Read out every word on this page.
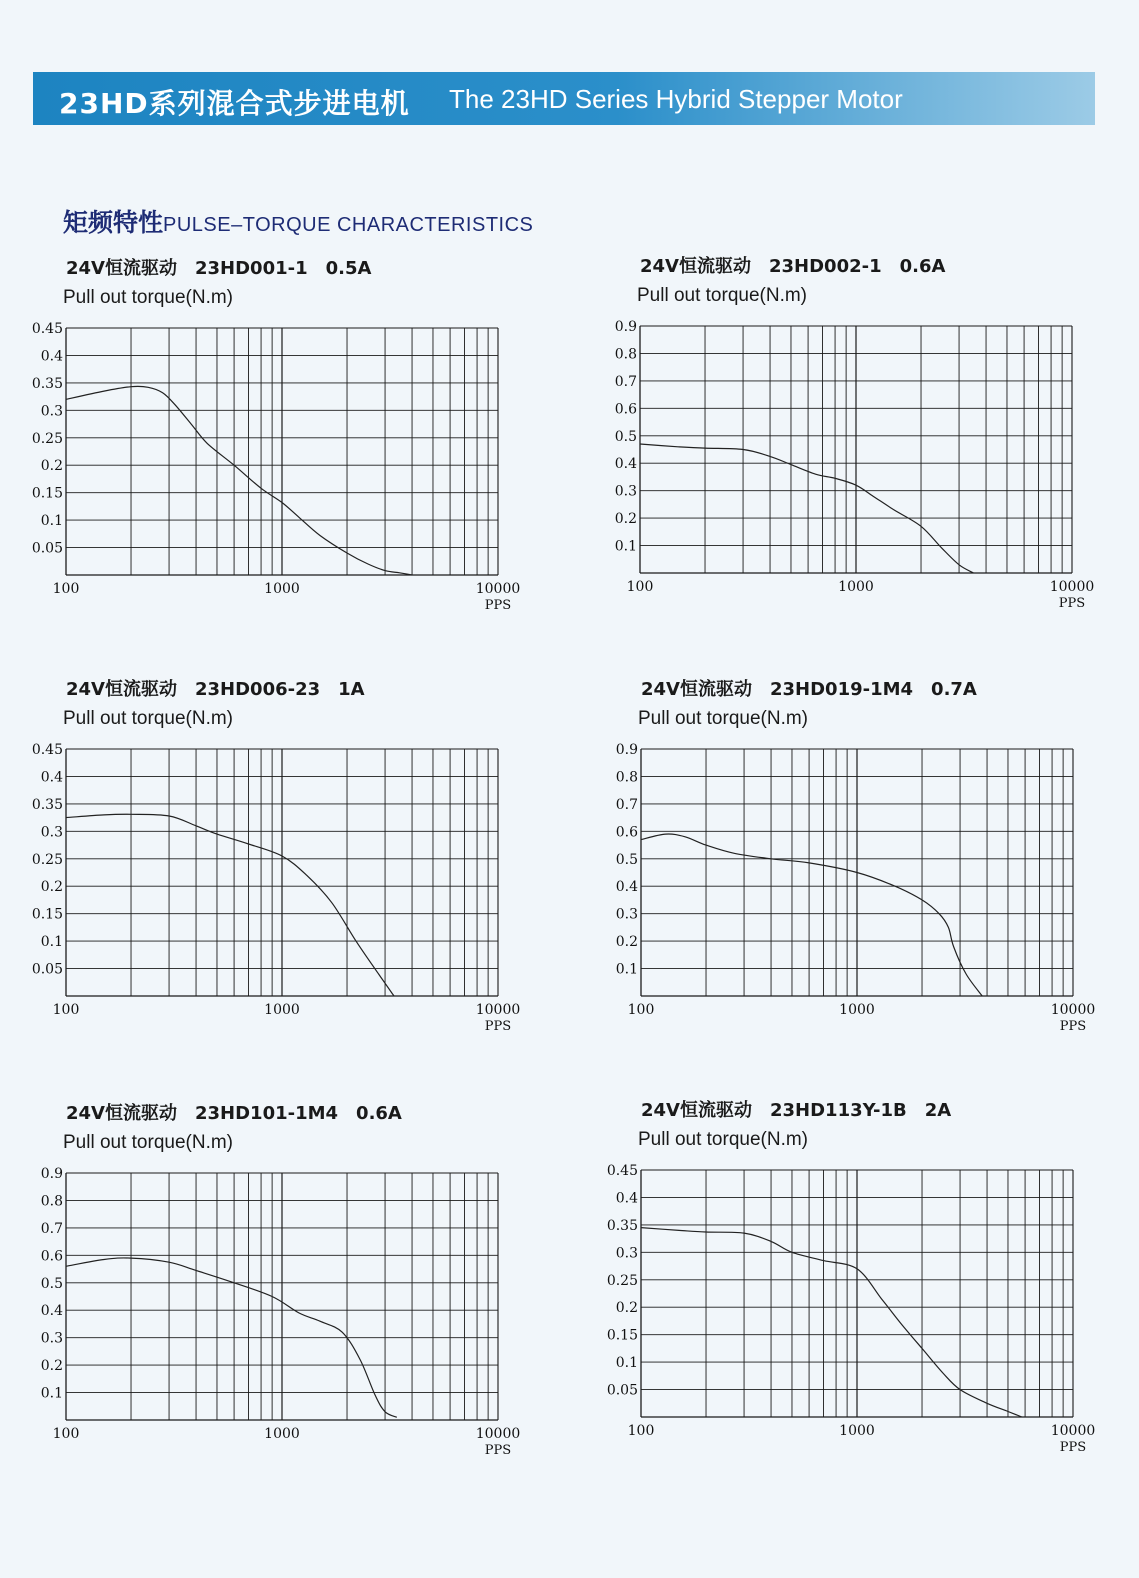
23HD系列混合式步进电机 The 23HD Series Hybrid Stepper Motor
矩频特性PULSE–TORQUE CHARACTERISTICS
24V恒流驱动 23HD001-1 0.5A
Pull out torque(N.m)
0.05
0.1
0.15
0.2
0.25
0.3
0.35
0.4
0.45
100	1000	10000
PPS
24V恒流驱动 23HD002-1 0.6A
Pull out torque(N.m)
0.1
0.2
0.3
0.4
0.5
0.6
0.7
0.8
0.9
100	1000	10000
PPS
24V恒流驱动 23HD006-23 1A
Pull out torque(N.m)
0.05
0.1
0.15
0.2
0.25
0.3
0.35
0.4
0.45
100	1000	10000
PPS
24V恒流驱动 23HD019-1M4 0.7A
Pull out torque(N.m)
0.1
0.2
0.3
0.4
0.5
0.6
0.7
0.8
0.9
100	1000	10000
PPS
24V恒流驱动 23HD101-1M4 0.6A
Pull out torque(N.m)
0.1
0.2
0.3
0.4
0.5
0.6
0.7
0.8
0.9
100	1000	10000
PPS
24V恒流驱动 23HD113Y-1B 2A
Pull out torque(N.m)
0.05
0.1
0.15
0.2
0.25
0.3
0.35
0.4
0.45
100	1000	10000
PPS
